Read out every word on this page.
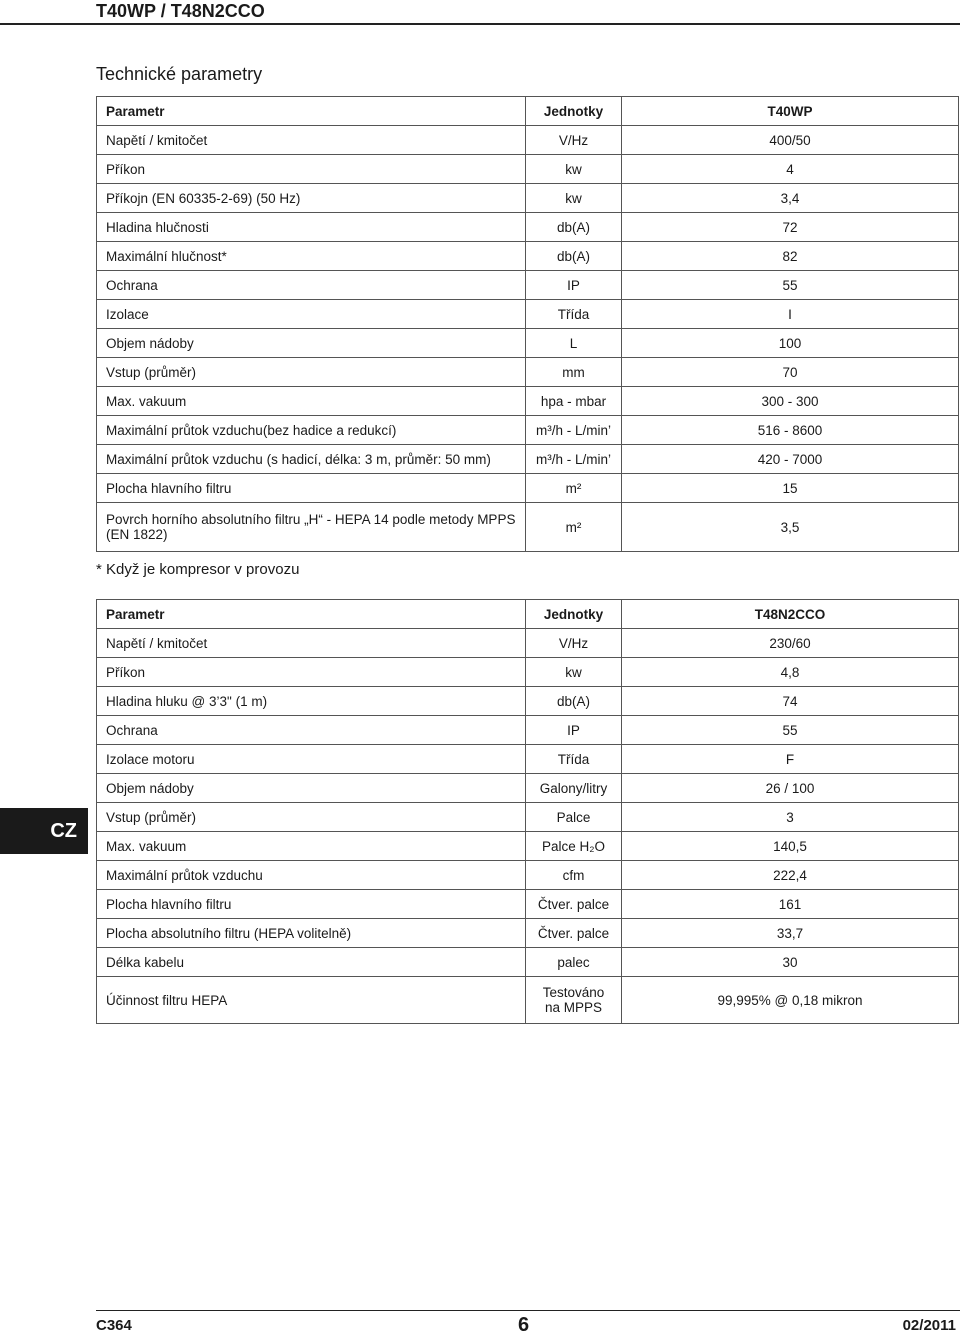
T40WP / T48N2CCO
Technické parametry
Parametr	Jednotky	T40WP
Napětí / kmitočet	V/Hz	400/50
Příkon	kw	4
Příkojn (EN 60335-2-69) (50 Hz)	kw	3,4
Hladina hlučnosti	db(A)	72
Maximální hlučnost*	db(A)	82
Ochrana	IP	55
Izolace	Třída	I
Objem nádoby	L	100
Vstup (průměr)	mm	70
Max. vakuum	hpa - mbar	300 - 300
Maximální průtok vzduchu(bez hadice a redukcí)	m³/h - L/min’	516 - 8600
Maximální průtok vzduchu (s hadicí, délka: 3 m, průměr: 50 mm)	m³/h - L/min’	420 - 7000
Plocha hlavního filtru	m²	15
Povrch horního absolutního filtru „H“ - HEPA 14 podle metody MPPS (EN 1822)	m²	3,5
* Když je kompresor v provozu
Parametr	Jednotky	T48N2CCO
Napětí / kmitočet	V/Hz	230/60
Příkon	kw	4,8
Hladina hluku @ 3’3" (1 m)	db(A)	74
Ochrana	IP	55
Izolace motoru	Třída	F
Objem nádoby	Galony/litry	26 / 100
Vstup (průměr)	Palce	3
Max. vakuum	Palce H₂O	140,5
Maximální průtok vzduchu	cfm	222,4
Plocha hlavního filtru	Čtver. palce	161
Plocha absolutního filtru (HEPA volitelně)	Čtver. palce	33,7
Délka kabelu	palec	30
Účinnost filtru HEPA	Testováno na MPPS	99,995% @ 0,18 mikron
CZ
C364	6	02/2011
